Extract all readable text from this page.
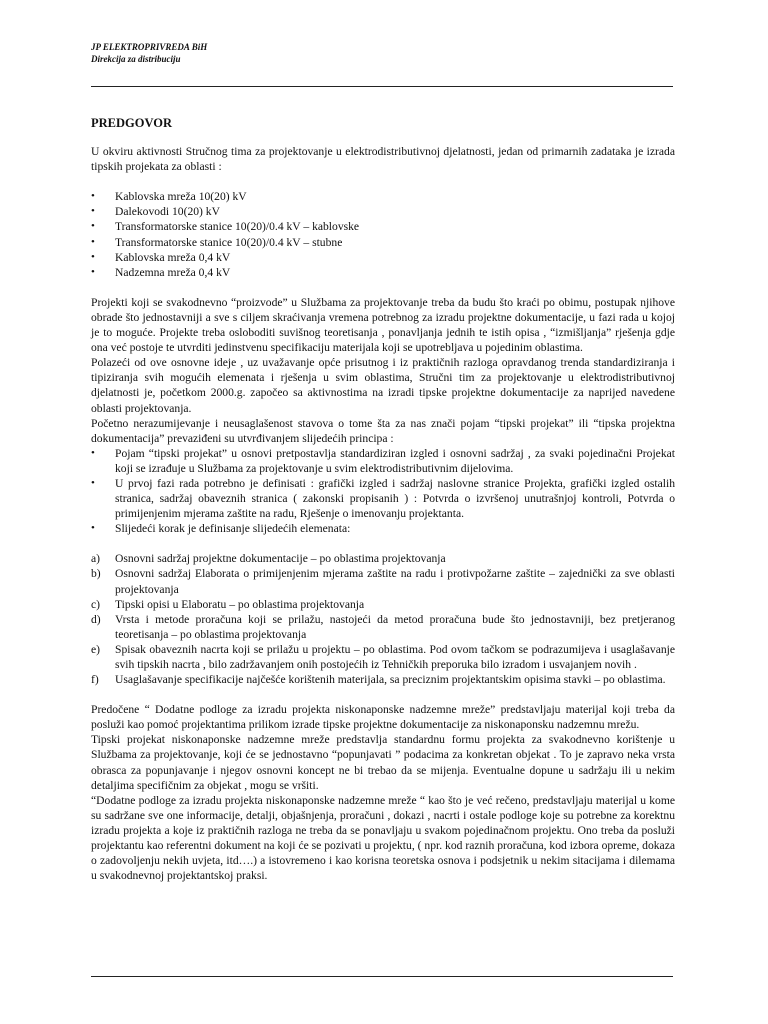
JP ELEKTROPRIVREDA BiH
Direkcija za distribuciju
PREDGOVOR

U okviru aktivnosti Stručnog tima za projektovanje u elektrodistributivnoj djelatnosti, jedan od primarnih zadataka je izrada tipskih projekata za oblasti :

• Kablovska mreža 10(20) kV
• Dalekovodi 10(20) kV
• Transformatorske stanice 10(20)/0.4 kV – kablovske
• Transformatorske stanice 10(20)/0.4 kV – stubne
• Kablovska mreža 0,4 kV
• Nadzemna mreža 0,4 kV

Projekti koji se svakodnevno “proizvode” u Službama za projektovanje treba da budu što kraći po obimu, postupak njihove obrade što jednostavniji a sve s ciljem skraćivanja vremena potrebnog za izradu projektne dokumentacije, u fazi rada u kojoj je to moguće. Projekte treba osloboditi suvišnog teoretisanja , ponavljanja jednih te istih opisa , “izmišljanja” rješenja gdje ona već postoje te utvrditi jedinstvenu specifikaciju materijala koji se upotrebljava u pojedinim oblastima.

Polazeći od ove osnovne ideje , uz uvažavanje opće prisutnog i iz praktičnih razloga opravdanog trenda standardiziranja i tipiziranja svih mogućih elemenata i rješenja u svim oblastima, Stručni tim za projektovanje u elektrodistributivnoj djelatnosti je, početkom 2000.g. započeo sa aktivnostima na izradi tipske projektne dokumentacije za naprijed navedene oblasti projektovanja.

Početno nerazumijevanje i neusaglašenost stavova o tome šta za nas znači pojam “tipski projekat” ili “tipska projektna dokumentacija” prevaziđeni su utvrđivanjem slijedećih principa :

• Pojam “tipski projekat” u osnovi pretpostavlja standardiziran izgled i osnovni sadržaj , za svaki pojedinačni Projekat koji se izrađuje u Službama za projektovanje u svim elektrodistributivnim dijelovima.
• U prvoj fazi rada potrebno je definisati : grafički izgled i sadržaj naslovne stranice Projekta, grafički izgled ostalih stranica, sadržaj obaveznih stranica ( zakonski propisanih ) : Potvrda o izvršenoj unutrašnjoj kontroli, Potvrda o primijenjenim mjerama zaštite na radu, Rješenje o imenovanju projektanta.
• Slijedeći korak je definisanje slijedećih elemenata:
a) Osnovni sadržaj projektne dokumentacije – po oblastima projektovanja
b) Osnovni sadržaj Elaborata o primijenjenim mjerama zaštite na radu i protivpožarne zaštite – zajednički za sve oblasti projektovanja
c) Tipski opisi u Elaboratu – po oblastima projektovanja
d) Vrsta i metode proračuna koji se prilažu, nastojeći da metod proračuna bude što jednostavniji, bez pretjeranog teoretisanja – po oblastima projektovanja
e) Spisak obaveznih nacrta koji se prilažu u projektu – po oblastima. Pod ovom tačkom se podrazumijeva i usaglašavanje svih tipskih nacrta , bilo zadržavanjem onih postojećih iz Tehničkih preporuka bilo izradom i usvajanjem novih .
f) Usaglašavanje specifikacije najčešće korištenih materijala, sa preciznim projektantskim opisima stavki – po oblastima.

Predočene “ Dodatne podloge za izradu projekta niskonaponske nadzemne mreže” predstavljaju materijal koji treba da posluži kao pomoć projektantima prilikom izrade tipske projektne dokumentacije za niskonaponsku nadzemnu mrežu.

Tipski projekat niskonaponske nadzemne mreže predstavlja standardnu formu projekta za svakodnevno korištenje u Službama za projektovanje, koji će se jednostavno “popunjavati ” podacima za konkretan objekat . To je zapravo neka vrsta obrasca za popunjavanje i njegov osnovni koncept ne bi trebao da se mijenja. Eventualne dopune u sadržaju ili u nekim detaljima specifičnim za objekat , mogu se vršiti.

“Dodatne podloge za izradu projekta niskonaponske nadzemne mreže “ kao što je već rečeno, predstavljaju materijal u kome su sadržane sve one informacije, detalji, objašnjenja, proračuni , dokazi , nacrti i ostale podloge koje su potrebne za korektnu izradu projekta a koje iz praktičnih razloga ne treba da se ponavljaju u svakom pojedinačnom projektu. Ono treba da posluži projektantu kao referentni dokument na koji će se pozivati u projektu, ( npr. kod raznih proračuna, kod izbora opreme, dokaza o zadovoljenju nekih uvjeta, itd….) a istovremeno i kao korisna teoretska osnova i podsjetnik u nekim sitacijama i dilemama u svakodnevnoj projektantskoj praksi.
